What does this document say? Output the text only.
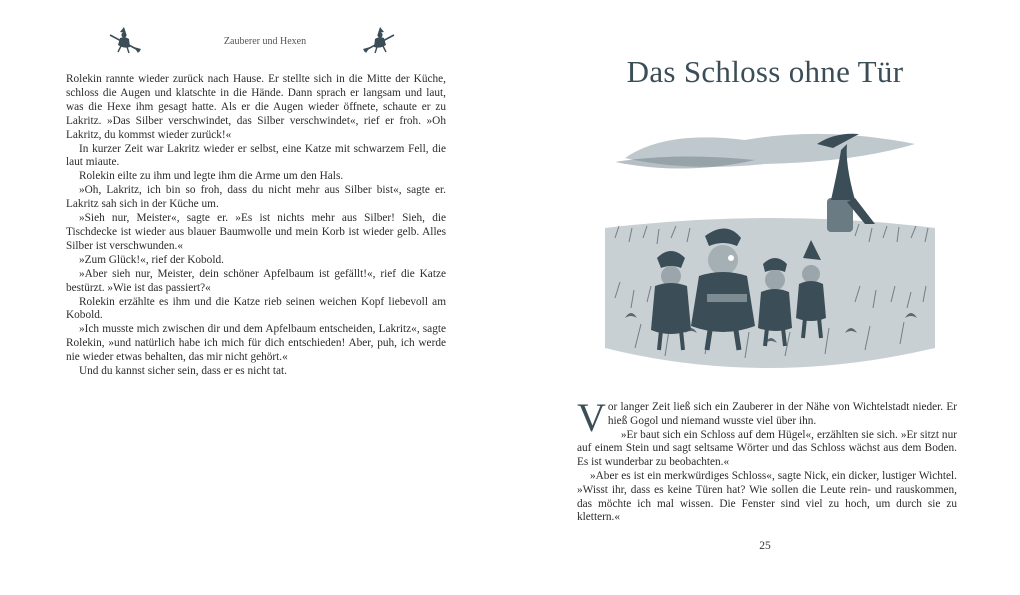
Zauberer und Hexen

Rolekin rannte wieder zurück nach Hause. Er stellte sich in die Mitte der Küche, schloss die Augen und klatschte in die Hände. Dann sprach er langsam und laut, was die Hexe ihm gesagt hatte. Als er die Augen wieder öffnete, schaute er zu Lakritz. »Das Silber verschwindet, das Silber verschwindet«, rief er froh. »Oh Lakritz, du kommst wieder zurück!«

In kurzer Zeit war Lakritz wieder er selbst, eine Katze mit schwarzem Fell, die laut miaute.

Rolekin eilte zu ihm und legte ihm die Arme um den Hals.

»Oh, Lakritz, ich bin so froh, dass du nicht mehr aus Silber bist«, sagte er. Lakritz sah sich in der Küche um.

»Sieh nur, Meister«, sagte er. »Es ist nichts mehr aus Silber! Sieh, die Tischdecke ist wieder aus blauer Baumwolle und mein Korb ist wieder gelb. Alles Silber ist verschwunden.«

»Zum Glück!«, rief der Kobold.

»Aber sieh nur, Meister, dein schöner Apfelbaum ist gefällt!«, rief die Katze bestürzt. »Wie ist das passiert?«

Rolekin erzählte es ihm und die Katze rieb seinen weichen Kopf liebevoll am Kobold.

»Ich musste mich zwischen dir und dem Apfelbaum entscheiden, Lakritz«, sagte Rolekin, »und natürlich habe ich mich für dich entschieden! Aber, puh, ich werde nie wieder etwas behalten, das mir nicht gehört.«

Und du kannst sicher sein, dass er es nicht tat.

Das Schloss ohne Tür

Vor langer Zeit ließ sich ein Zauberer in der Nähe von Wichtelstadt nieder. Er hieß Gogol und niemand wusste viel über ihn.

»Er baut sich ein Schloss auf dem Hügel«, erzählten sie sich. »Er sitzt nur auf einem Stein und sagt seltsame Wörter und das Schloss wächst aus dem Boden. Es ist wunderbar zu beobachten.«

»Aber es ist ein merkwürdiges Schloss«, sagte Nick, ein dicker, lustiger Wichtel. »Wisst ihr, dass es keine Türen hat? Wie sollen die Leute rein- und rauskommen, das möchte ich mal wissen. Die Fenster sind viel zu hoch, um durch sie zu klettern.«

25
